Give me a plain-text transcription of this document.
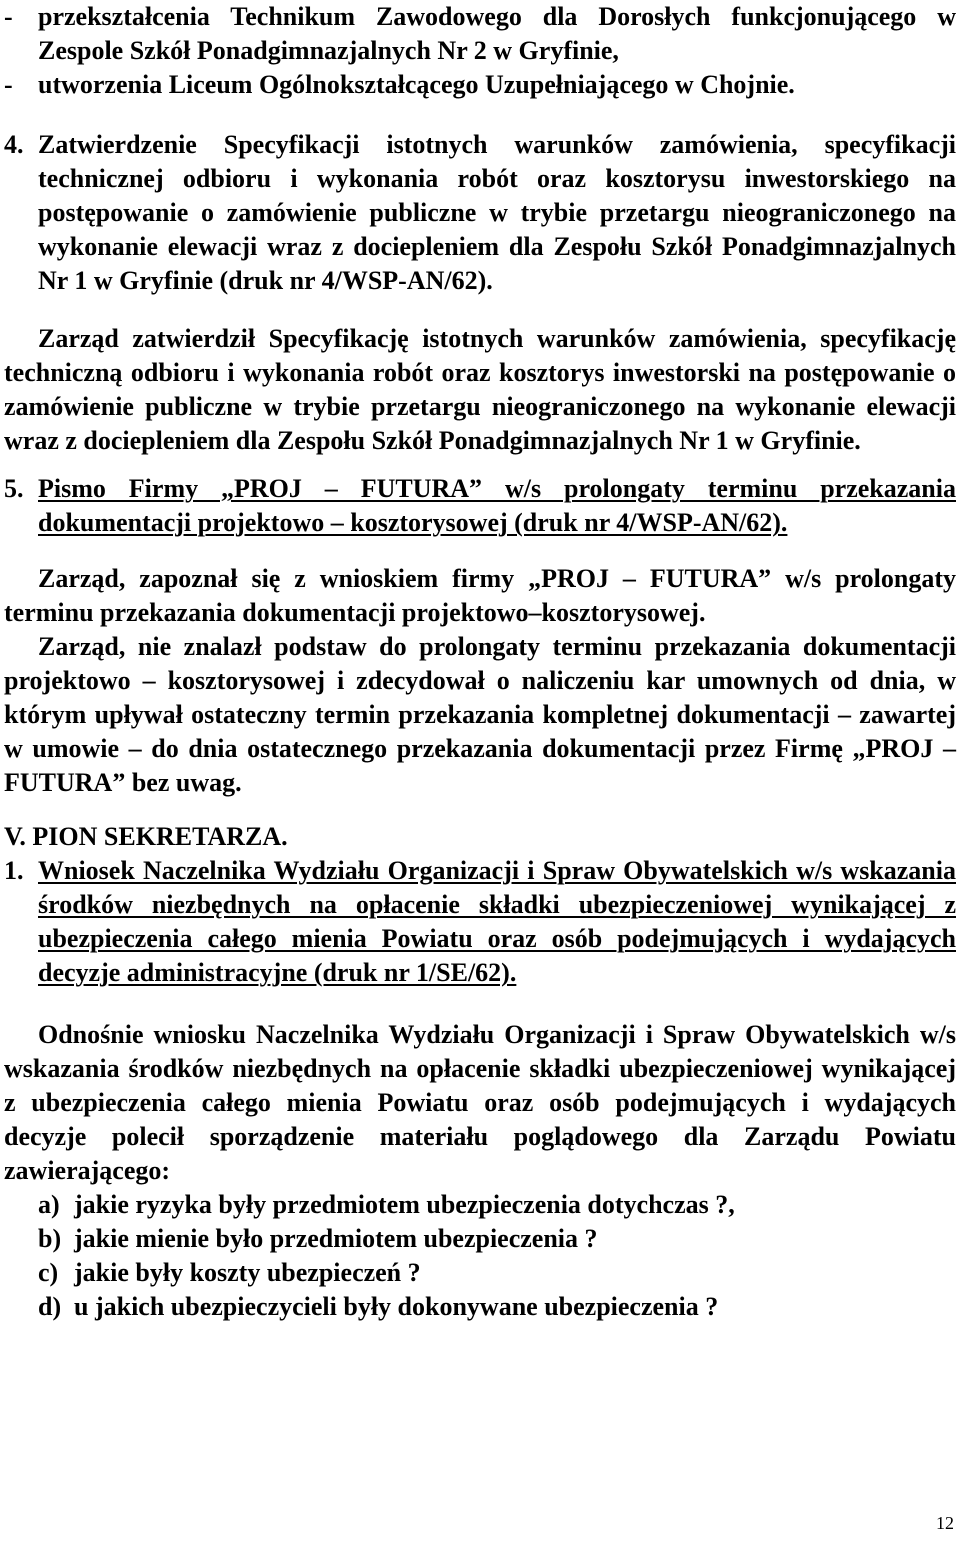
- przekształcenia Technikum Zawodowego dla Dorosłych funkcjonującego w Zespole Szkół Ponadgimnazjalnych Nr 2 w Gryfinie,
- utworzenia Liceum Ogólnokształcącego Uzupełniającego w Chojnie.
4. Zatwierdzenie Specyfikacji istotnych warunków zamówienia, specyfikacji technicznej odbioru i wykonania robót oraz kosztorysu inwestorskiego na postępowanie o zamówienie publiczne w trybie przetargu nieograniczonego na wykonanie elewacji wraz z dociepleniem dla Zespołu Szkół Ponadgimnazjalnych Nr 1 w Gryfinie (druk nr 4/WSP-AN/62).
Zarząd zatwierdził Specyfikację istotnych warunków zamówienia, specyfikację techniczną odbioru i wykonania robót oraz kosztorys inwestorski na postępowanie o zamówienie publiczne w trybie przetargu nieograniczonego na wykonanie elewacji wraz z dociepleniem dla Zespołu Szkół Ponadgimnazjalnych Nr 1 w Gryfinie.
5. Pismo Firmy „PROJ – FUTURA” w/s prolongaty terminu przekazania dokumentacji projektowo – kosztorysowej (druk nr 4/WSP-AN/62).
Zarząd, zapoznał się z wnioskiem firmy „PROJ – FUTURA” w/s prolongaty terminu przekazania dokumentacji projektowo–kosztorysowej.
Zarząd, nie znalazł podstaw do prolongaty terminu przekazania dokumentacji projektowo – kosztorysowej i zdecydował o naliczeniu kar umownych od dnia, w którym upływał ostateczny termin przekazania kompletnej dokumentacji – zawartej w umowie – do dnia ostatecznego przekazania dokumentacji przez Firmę „PROJ – FUTURA” bez uwag.
V. PION SEKRETARZA.
1. Wniosek Naczelnika Wydziału Organizacji i Spraw Obywatelskich w/s wskazania środków niezbędnych na opłacenie składki ubezpieczeniowej wynikającej z ubezpieczenia całego mienia Powiatu oraz osób podejmujących i wydających decyzje administracyjne (druk nr 1/SE/62).
Odnośnie wniosku Naczelnika Wydziału Organizacji i Spraw Obywatelskich w/s wskazania środków niezbędnych na opłacenie składki ubezpieczeniowej wynikającej z ubezpieczenia całego mienia Powiatu oraz osób podejmujących i wydających decyzje polecił sporządzenie materiału poglądowego dla Zarządu Powiatu zawierającego:
a) jakie ryzyka były przedmiotem ubezpieczenia dotychczas ?,
b) jakie mienie było przedmiotem ubezpieczenia ?
c) jakie były koszty ubezpieczeń ?
d) u jakich ubezpieczycieli były dokonywane ubezpieczenia ?
12
